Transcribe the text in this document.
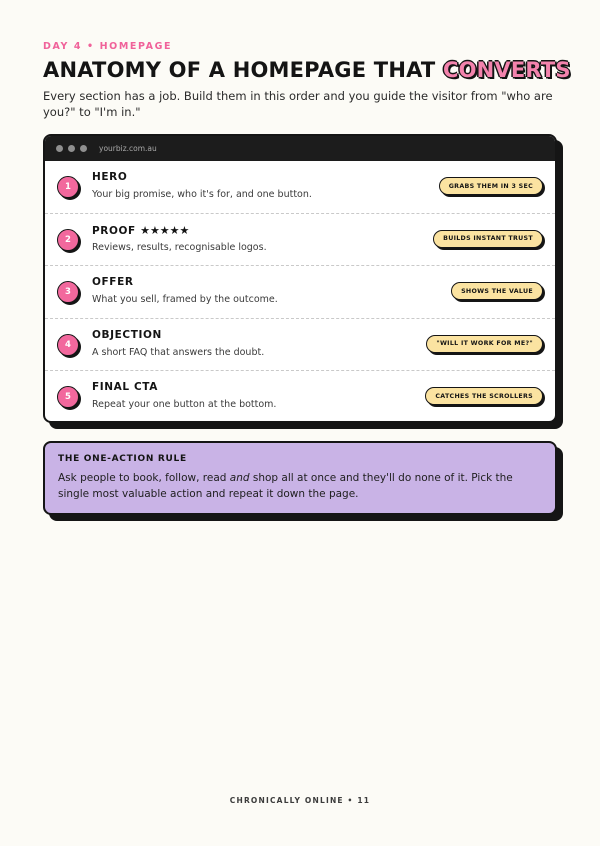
DAY 4 • HOMEPAGE
ANATOMY OF A HOMEPAGE THAT CONVERTS

Every section has a job. Build them in this order and you guide the visitor from "who are you?" to "I'm in."

yourbiz.com.au
1
HERO
Your big promise, who it's for, and one button.
GRABS THEM IN 3 SEC
2
PROOF ★★★★★
Reviews, results, recognisable logos.
BUILDS INSTANT TRUST
3
OFFER
What you sell, framed by the outcome.
SHOWS THE VALUE
4
OBJECTION
A short FAQ that answers the doubt.
"WILL IT WORK FOR ME?"
5
FINAL CTA
Repeat your one button at the bottom.
CATCHES THE SCROLLERS
THE ONE-ACTION RULE

Ask people to book, follow, read and shop all at once and they'll do none of it. Pick the single most valuable action and repeat it down the page.

CHRONICALLY ONLINE • 11
